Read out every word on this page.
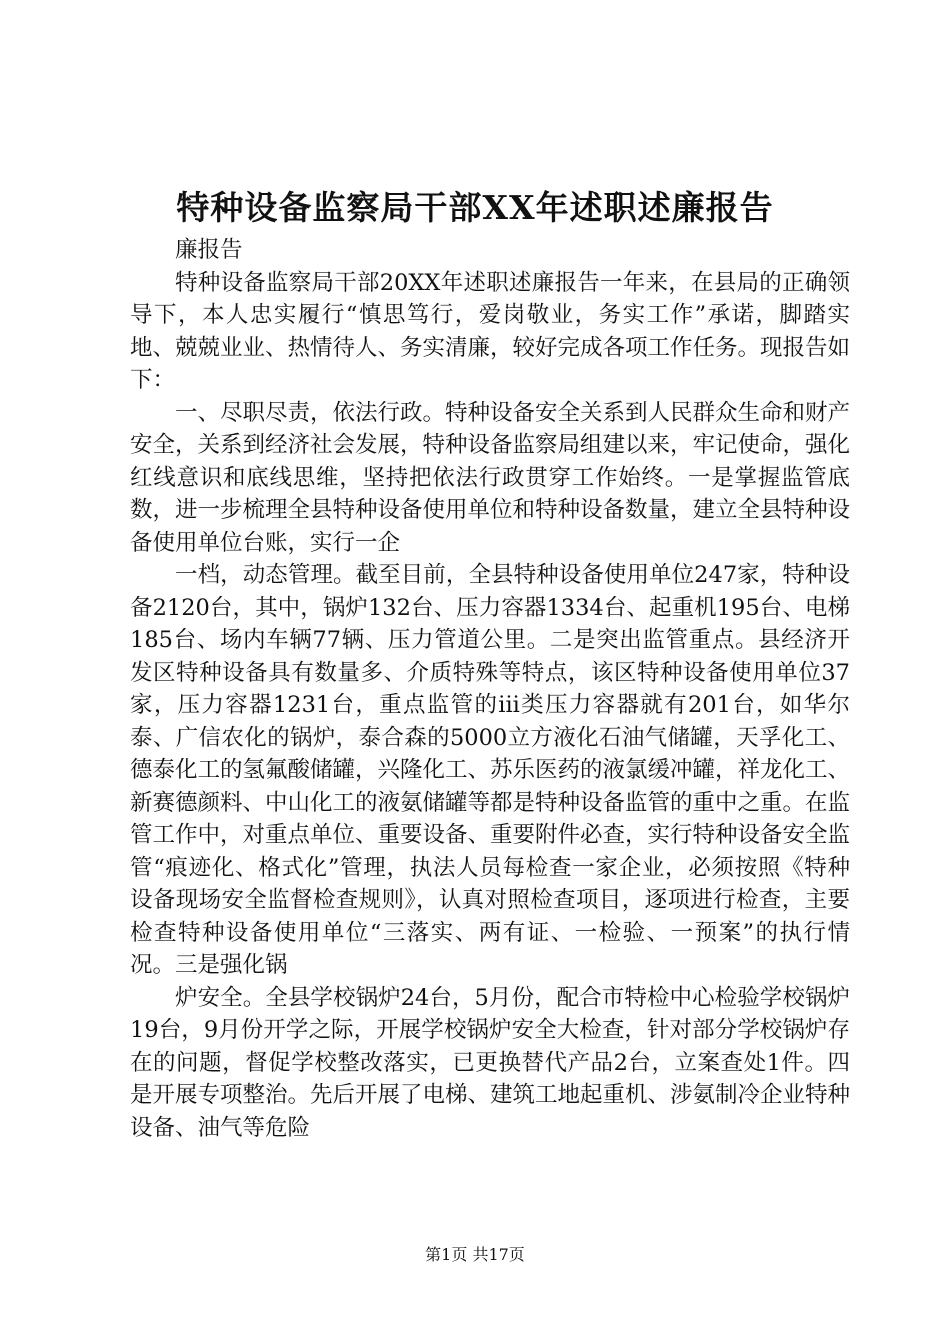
特种设备监察局干部XX年述职述廉报告

廉报告

特种设备监察局干部20XX年述职述廉报告一年来，在县局的正确领导下，本人忠实履行“慎思笃行，爱岗敬业，务实工作”承诺，脚踏实地、兢兢业业、热情待人、务实清廉，较好完成各项工作任务。现报告如下：

一、尽职尽责，依法行政。特种设备安全关系到人民群众生命和财产安全，关系到经济社会发展，特种设备监察局组建以来，牢记使命，强化红线意识和底线思维，坚持把依法行政贯穿工作始终。一是掌握监管底数，进一步梳理全县特种设备使用单位和特种设备数量，建立全县特种设备使用单位台账，实行一企

一档，动态管理。截至目前，全县特种设备使用单位247家，特种设备2120台，其中，锅炉132台、压力容器1334台、起重机195台、电梯185台、场内车辆77辆、压力管道公里。二是突出监管重点。县经济开发区特种设备具有数量多、介质特殊等特点，该区特种设备使用单位37家，压力容器1231台，重点监管的iii类压力容器就有201台，如华尔泰、广信农化的锅炉，泰合森的5000立方液化石油气储罐，天孚化工、德泰化工的氢氟酸储罐，兴隆化工、苏乐医药的液氯缓冲罐，祥龙化工、新赛德颜料、中山化工的液氨储罐等都是特种设备监管的重中之重。在监管工作中，对重点单位、重要设备、重要附件必查，实行特种设备安全监管“痕迹化、格式化”管理，执法人员每检查一家企业，必须按照《特种设备现场安全监督检查规则》，认真对照检查项目，逐项进行检查，主要检查特种设备使用单位“三落实、两有证、一检验、一预案”的执行情况。三是强化锅

炉安全。全县学校锅炉24台，5月份，配合市特检中心检验学校锅炉19台，9月份开学之际，开展学校锅炉安全大检查，针对部分学校锅炉存在的问题，督促学校整改落实，已更换替代产品2台，立案查处1件。四是开展专项整治。先后开展了电梯、建筑工地起重机、涉氨制冷企业特种设备、油气等危险

第1页 共17页
